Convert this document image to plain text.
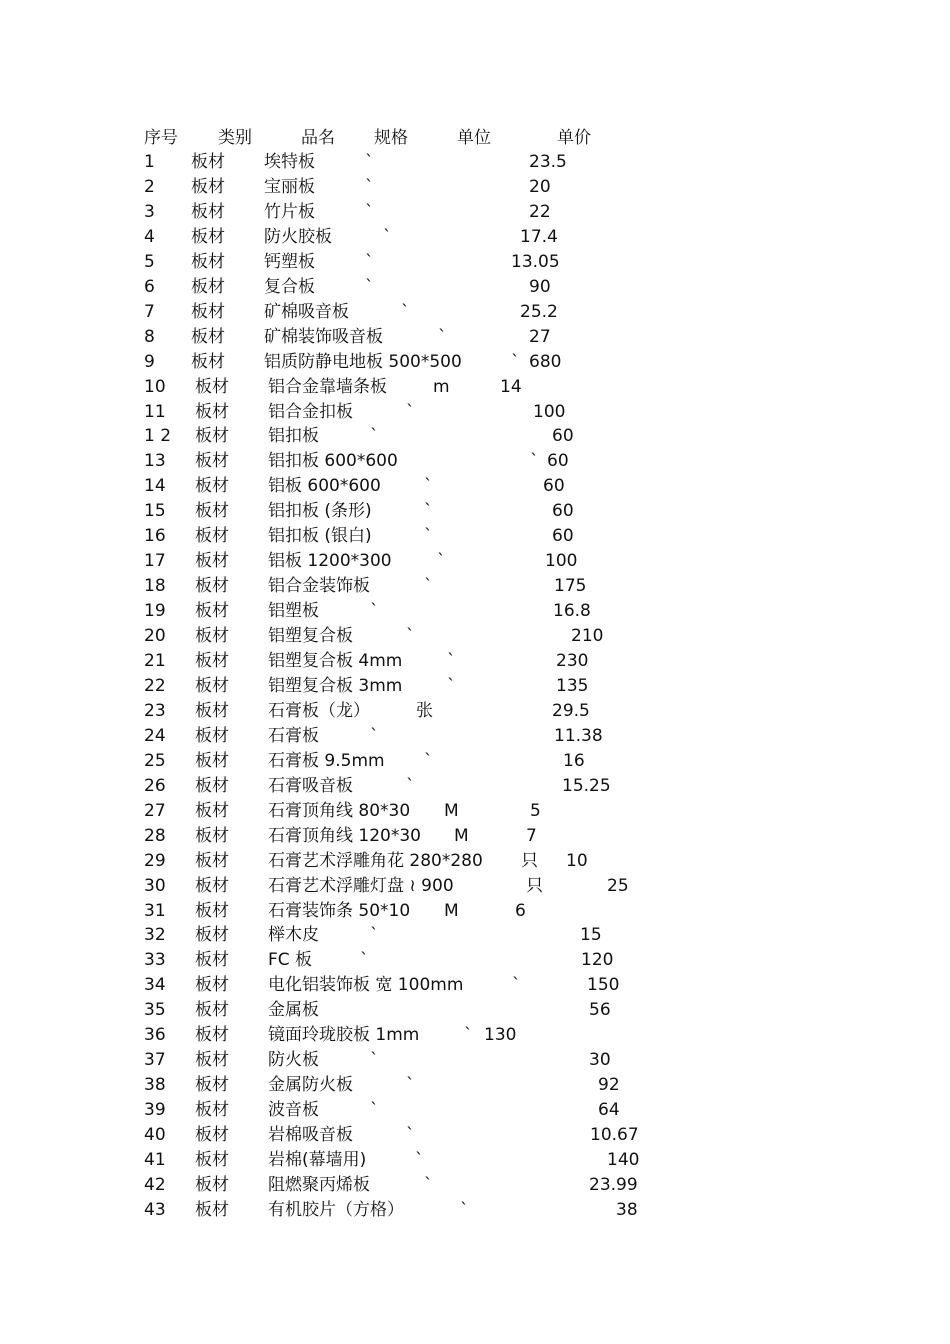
序号 类别	品名 规格	单位	单价
1 板材 埃特板	`	23.5
2 板材 宝丽板	`	20
3 板材 竹片板	`	22
4 板材 防火胶板	`	17.4
5 板材 钙塑板	`	13.05
6 板材 复合板	`	90
7 板材 矿棉吸音板	`	25.2
8 板材 矿棉装饰吸音板	`	27
9 板材 铝质防静电地板 500*500	` 680
10 板材 铝合金靠墙条板	m	14
11 板材 铝合金扣板	`	100
1 2 板材 铝扣板	`	60
13 板材 铝扣板 600*600	` 60
14 板材 铝板 600*600	`	60
15 板材 铝扣板 (条形)	`	60
16 板材 铝扣板 (银白)	`	60
17 板材 铝板 1200*300	`	100
18 板材 铝合金装饰板	`	175
19 板材 铝塑板	`	16.8
20 板材 铝塑复合板	`	210
21 板材 铝塑复合板 4mm	`	230
22 板材 铝塑复合板 3mm	`	135
23 板材 石膏板（龙）	张	29.5
24 板材 石膏板	`	11.38
25 板材 石膏板 9.5mm `	16
26 板材 石膏吸音板	`	15.25
27 板材 石膏顶角线 80*30 M	5
28 板材 石膏顶角线 120*30 M	7
29 板材 石膏艺术浮雕角花 280*280 只 10
30 板材 石膏艺术浮雕灯盘 ≀ 900	只	25
31 板材 石膏装饰条 50*10 M	6
32 板材 榉木皮	`	15
33 板材 FC 板	`	120
34 板材 电化铝装饰板 宽 100mm	`	150
35 板材 金属板	56
36 板材 镜面玲珑胶板 1mm	` 130
37 板材 防火板	`	30
38 板材 金属防火板	`	92
39 板材 波音板	`	64
40 板材 岩棉吸音板	`	10.67
41 板材 岩棉(幕墙用)	`	140
42 板材 阻燃聚丙烯板	`	23.99
43 板材 有机胶片（方格）	`	38
